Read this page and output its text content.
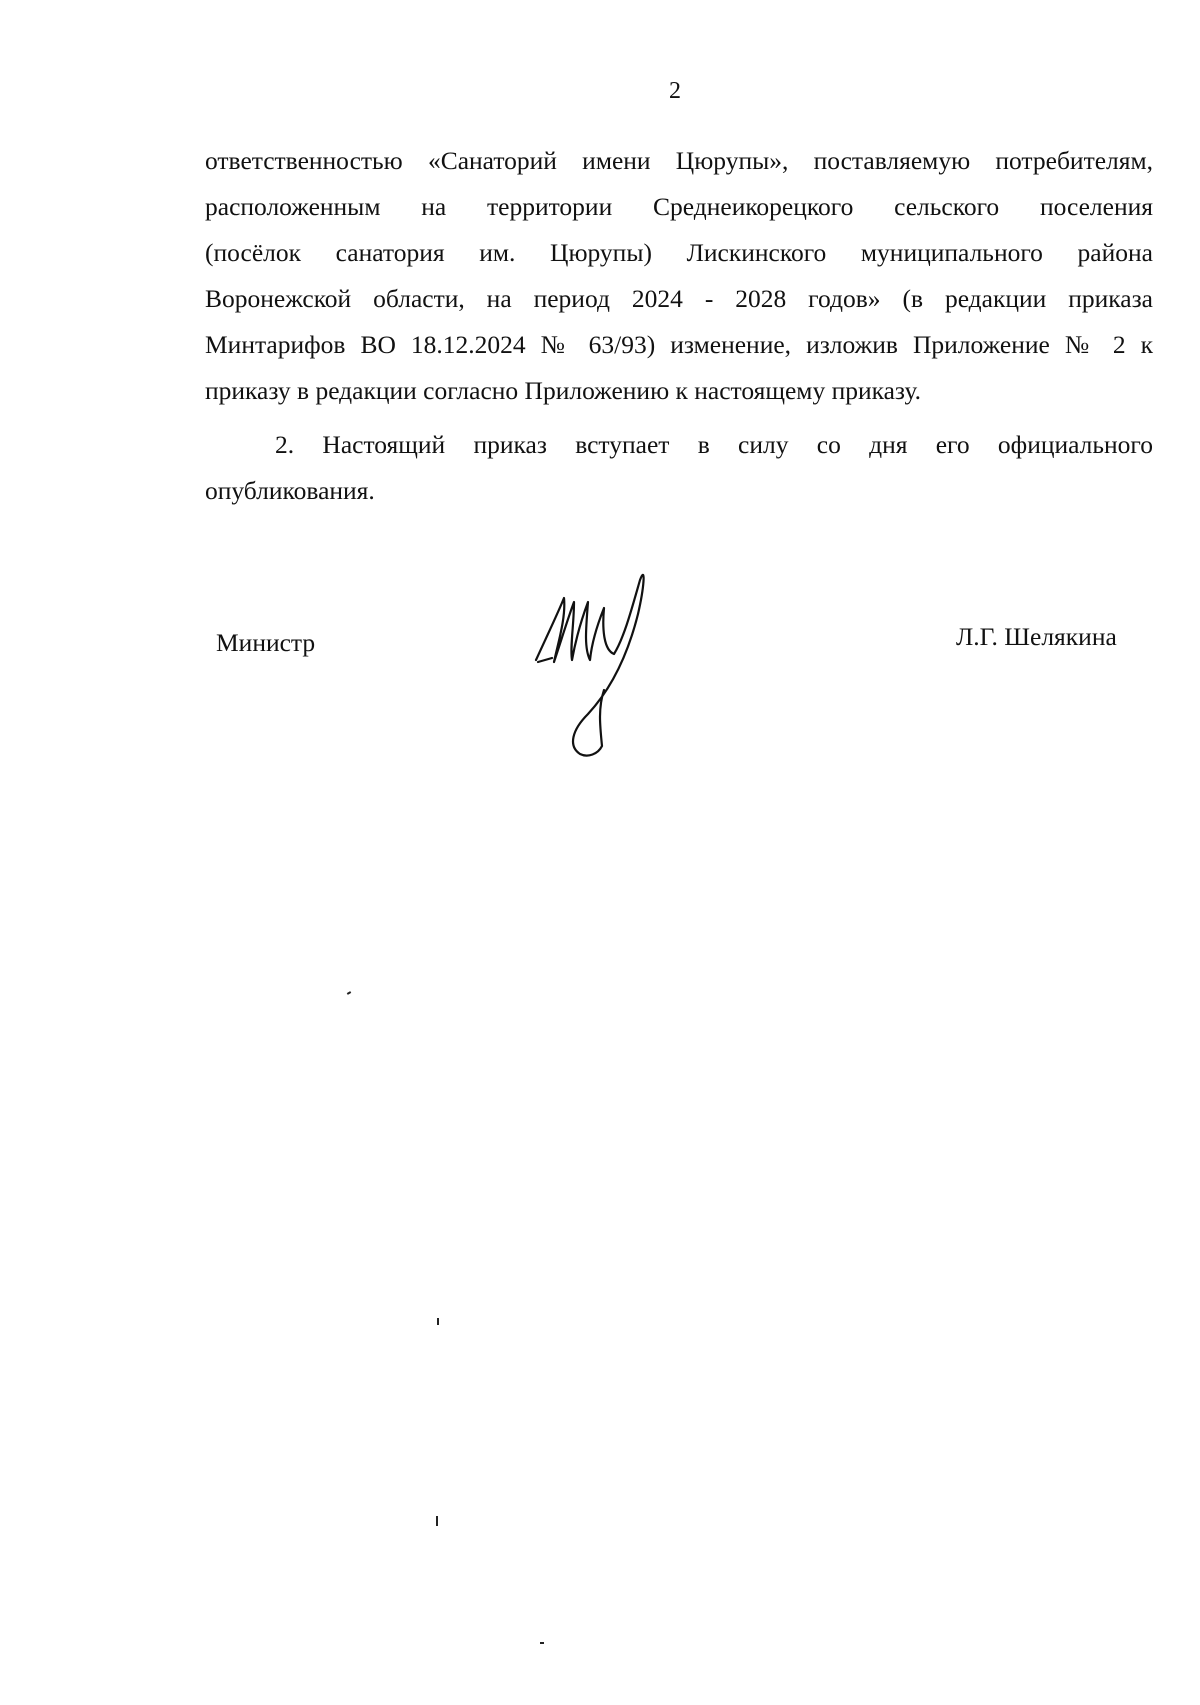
2

ответственностью «Санаторий имени Цюрупы», поставляемую потребителям,

расположенным на территории Среднеикорецкого сельского поселения

(посёлок санатория им. Цюрупы) Лискинского муниципального района

Воронежской области, на период 2024 - 2028 годов» (в редакции приказа

Минтарифов ВО 18.12.2024 № 63/93) изменение, изложив Приложение № 2 к

приказу в редакции согласно Приложению к настоящему приказу.

2. Настоящий приказ вступает в силу со дня его официального

опубликования.

Министр	Л.Г. Шелякина
